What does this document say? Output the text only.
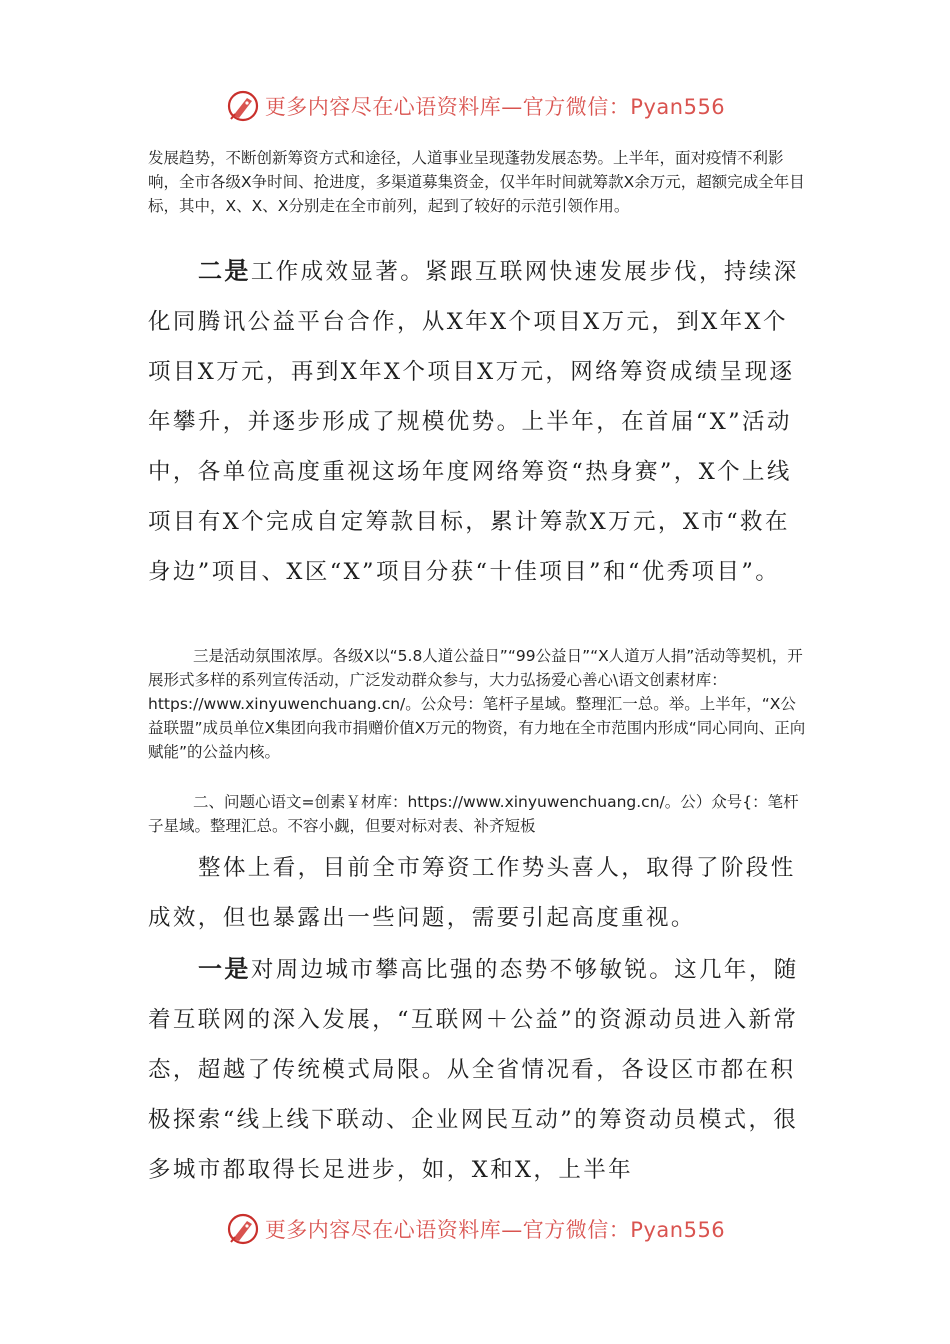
更多内容尽在心语资料库—官方微信：Pyan556

发展趋势，不断创新筹资方式和途径，人道事业呈现蓬勃发展态势。上半年，面对疫情不利影响，全市各级X争时间、抢进度，多渠道募集资金，仅半年时间就筹款X余万元，超额完成全年目标，其中，X、X、X分别走在全市前列，起到了较好的示范引领作用。

二是工作成效显著。紧跟互联网快速发展步伐，持续深化同腾讯公益平台合作，从X年X个项目X万元，到X年X个项目X万元，再到X年X个项目X万元，网络筹资成绩呈现逐年攀升，并逐步形成了规模优势。上半年，在首届“X”活动中，各单位高度重视这场年度网络筹资“热身赛”，X个上线项目有X个完成自定筹款目标，累计筹款X万元，X市“救在身边”项目、X区“X”项目分获“十佳项目”和“优秀项目”。

三是活动氛围浓厚。各级X以“5.8人道公益日”“99公益日”“X人道万人捐”活动等契机，开展形式多样的系列宣传活动，广泛发动群众参与，大力弘扬爱心善心\语文创素材库：https://www.xinyuwenchuang.cn/。公众号：笔杆子星域。整理汇一总。举。上半年，“X公益联盟”成员单位X集团向我市捐赠价值X万元的物资，有力地在全市范围内形成“同心同向、正向赋能”的公益内核。

二、问题心语文=创素￥材库：https://www.xinyuwenchuang.cn/。公）众号{：笔杆子星域。整理汇总。不容小觑，但要对标对表、补齐短板

整体上看，目前全市筹资工作势头喜人，取得了阶段性成效，但也暴露出一些问题，需要引起高度重视。

一是对周边城市攀高比强的态势不够敏锐。这几年，随着互联网的深入发展，“互联网＋公益”的资源动员进入新常态，超越了传统模式局限。从全省情况看，各设区市都在积极探索“线上线下联动、企业网民互动”的筹资动员模式，很多城市都取得长足进步，如，X和X，上半年

更多内容尽在心语资料库—官方微信：Pyan556
